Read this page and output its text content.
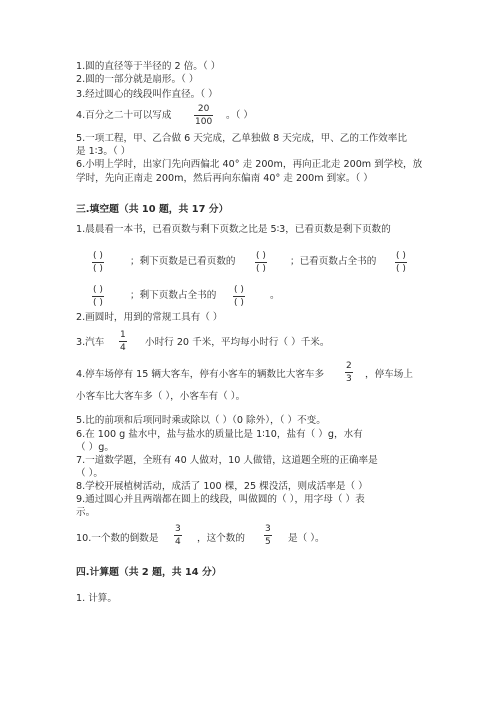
1.圆的直径等于半径的 2 倍。（ ）
2.圆的一部分就是扇形。（ ）
3.经过圆心的线段叫作直径。（ ）
4.百分之二十可以写成
20
100
。（ ）
5.一项工程，甲、乙合做 6 天完成，乙单独做 8 天完成，甲、乙的工作效率比
是 1∶3。（ ）
6.小明上学时，出家门先向西偏北 40° 走 200m，再向正北走 200m 到学校，放
学时，先向正南走 200m，然后再向东偏南 40° 走 200m 到家。（ ）
三.填空题（共 10 题，共 17 分）
1.晨晨看一本书，已看页数与剩下页数之比是 5∶3，已看页数是剩下页数的
( )
( )
；剩下页数是已看页数的 ( )
( )
；已看页数占全书的 ( )
( )
( )
( )
；剩下页数占全书的 ( )
( )
。
2.画圆时，用到的常规工具有（ ）
3.汽车
1
4 小时行 20 千米，平均每小时行（ ）千米。
4.停车场停有 15 辆大客车，停有小客车的辆数比大客车多
2
3 ，停车场上
小客车比大客车多（ ），小客车有（ ）。
5.比的前项和后项同时乘或除以（ ）（0 除外），（ ）不变。
6.在 100 g 盐水中，盐与盐水的质量比是 1∶10，盐有（ ）g，水有
（ ）g。
7.一道数学题，全班有 40 人做对，10 人做错，这道题全班的正确率是
（ ）。
8.学校开展植树活动，成活了 100 棵，25 棵没活，则成活率是（ ）
9.通过圆心并且两端都在圆上的线段，叫做圆的（ ），用字母（ ）表
示。
10.一个数的倒数是
3
4 ，这个数的
3
5 是（ ）。
四.计算题（共 2 题，共 14 分）
1. 计算。
